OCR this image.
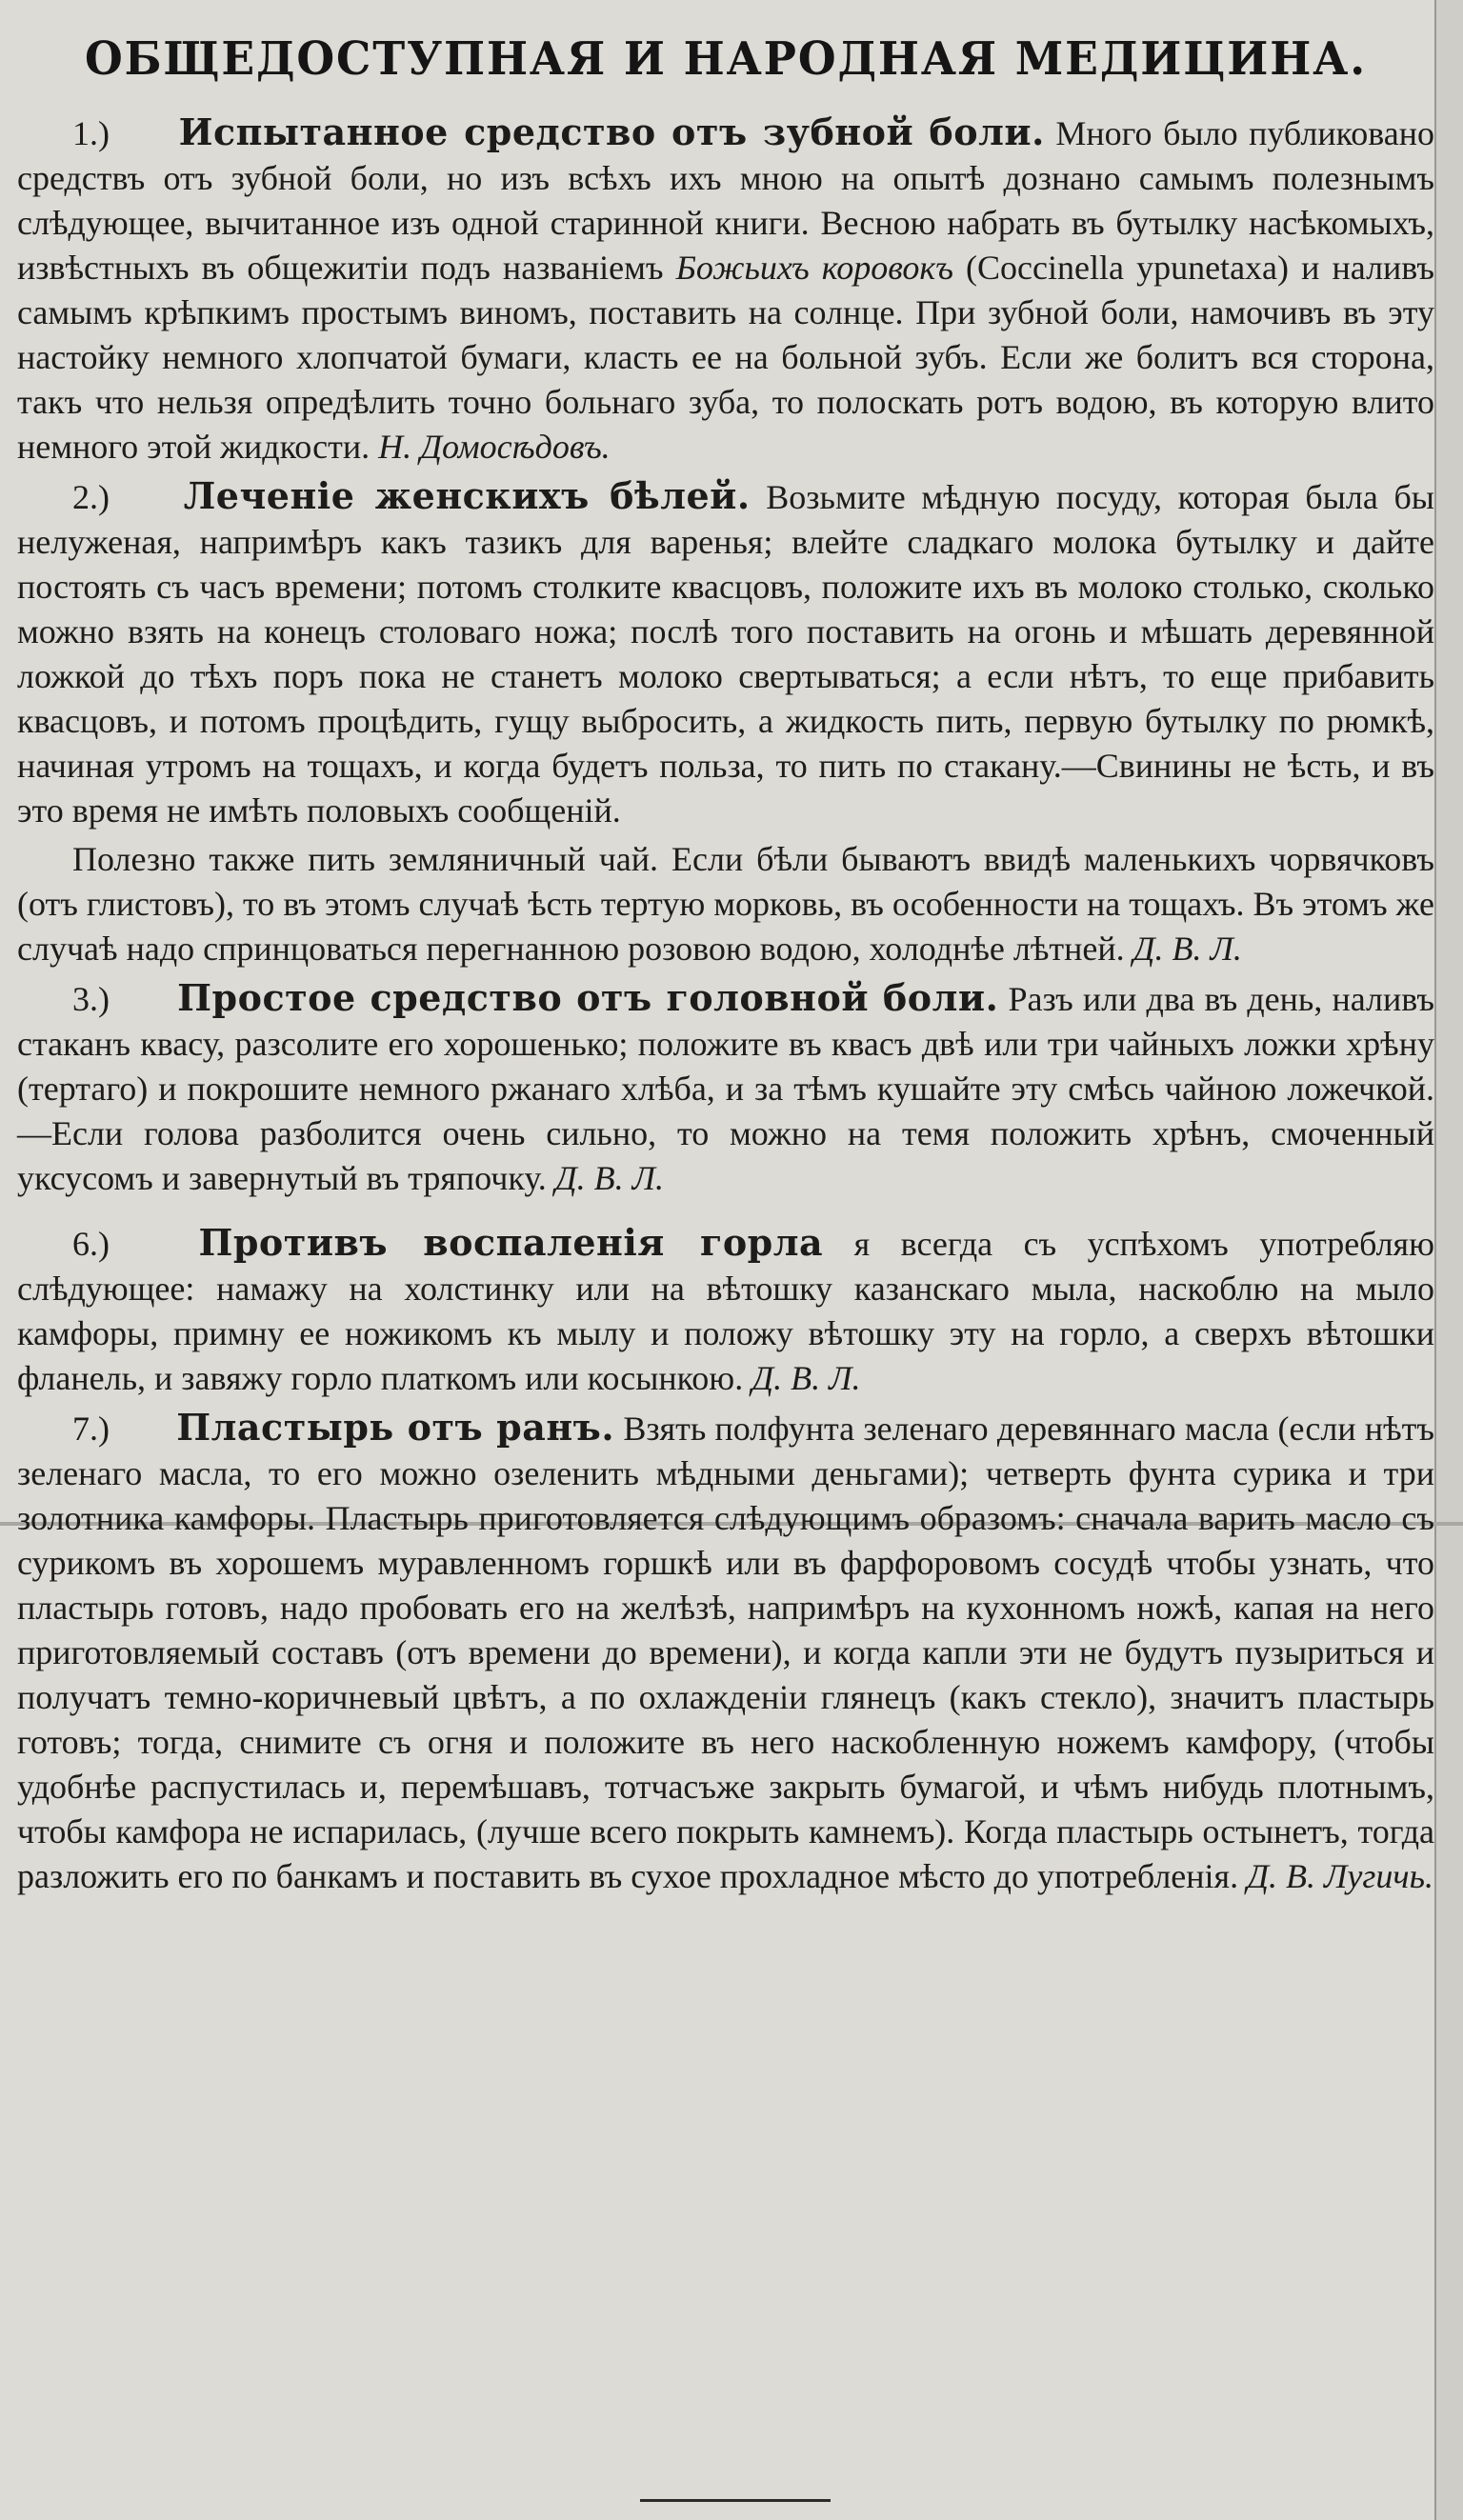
ОБЩЕДОСТУПНАЯ И НАРОДНАЯ МЕДИЦИНА.

1.) Испытанное средство отъ зубной боли. Много было публиковано средствъ отъ зубной боли, но изъ всѣхъ ихъ мною на опытѣ дознано самымъ полезнымъ слѣдующее, вычитанное изъ одной старинной книги. Весною набрать въ бутылку насѣкомыхъ, извѣстныхъ въ общежитіи подъ названіемъ Божьихъ коровокъ (Coccinella yрunetaxa) и наливъ самымъ крѣпкимъ простымъ виномъ, поставить на солнце. При зубной боли, намочивъ въ эту настойку немного хлопчатой бумаги, класть ее на больной зубъ. Если же болитъ вся сторона, такъ что нельзя опредѣлить точно больнаго зуба, то полоскать ротъ водою, въ которую влито немного этой жидкости. Н. Домосѣдовъ.

2.) Леченіе женскихъ бѣлей. Возьмите мѣдную посуду, которая была бы нелуженая, напримѣръ какъ тазикъ для варенья; влейте сладкаго молока бутылку и дайте постоять съ часъ времени; потомъ столките квасцовъ, положите ихъ въ молоко столько, сколько можно взять на конецъ столоваго ножа; послѣ того поставить на огонь и мѣшать деревянной ложкой до тѣхъ поръ пока не станетъ молоко свертываться; а если нѣтъ, то еще прибавить квасцовъ, и потомъ процѣдить, гущу выбросить, а жидкость пить, первую бутылку по рюмкѣ, начиная утромъ на тощахъ, и когда будетъ польза, то пить по стакану.—Свинины не ѣсть, и въ это время не имѣть половыхъ сообщеній.

Полезно также пить земляничный чай. Если бѣли бываютъ ввидѣ маленькихъ чорвячковъ (отъ глистовъ), то въ этомъ случаѣ ѣсть тертую морковь, въ особенности на тощахъ. Въ этомъ же случаѣ надо спринцоваться перегнанною розовою водою, холоднѣе лѣтней. Д. В. Л.

3.) Простое средство отъ головной боли. Разъ или два въ день, наливъ стаканъ квасу, разсолите его хорошенько; положите въ квасъ двѣ или три чайныхъ ложки хрѣну (тертаго) и покрошите немного ржанаго хлѣба, и за тѣмъ кушайте эту смѣсь чайною ложечкой.—Если голова разболится очень сильно, то можно на темя положить хрѣнъ, смоченный уксусомъ и завернутый въ тряпочку. Д. В. Л.

6.) Противъ воспаленія горла я всегда съ успѣхомъ употребляю слѣдующее: намажу на холстинку или на вѣтошку казанскаго мыла, наскоблю на мыло камфоры, примну ее ножикомъ къ мылу и положу вѣтошку эту на горло, а сверхъ вѣтошки фланель, и завяжу горло платкомъ или косынкою. Д. В. Л.

7.) Пластырь отъ ранъ. Взять полфунта зеленаго деревяннаго масла (если нѣтъ зеленаго масла, то его можно озеленить мѣдными деньгами); четверть фунта сурика и три золотника камфоры. Пластырь приготовляется слѣдующимъ образомъ: сначала варить масло съ сурикомъ въ хорошемъ муравленномъ горшкѣ или въ фарфоровомъ сосудѣ чтобы узнать, что пластырь готовъ, надо пробовать его на желѣзѣ, напримѣръ на кухонномъ ножѣ, капая на него приготовляемый составъ (отъ времени до времени), и когда капли эти не будутъ пузыриться и получатъ темно-коричневый цвѣтъ, а по охлажденіи глянецъ (какъ стекло), значитъ пластырь готовъ; тогда, снимите съ огня и положите въ него наскобленную ножемъ камфору, (чтобы удобнѣе распустилась и, перемѣшавъ, тотчасъже закрыть бумагой, и чѣмъ нибудь плотнымъ, чтобы камфора не испарилась, (лучше всего покрыть камнемъ). Когда пластырь остынетъ, тогда разложить его по банкамъ и поставить въ сухое прохладное мѣсто до употребленія. Д. В. Лугичь.
